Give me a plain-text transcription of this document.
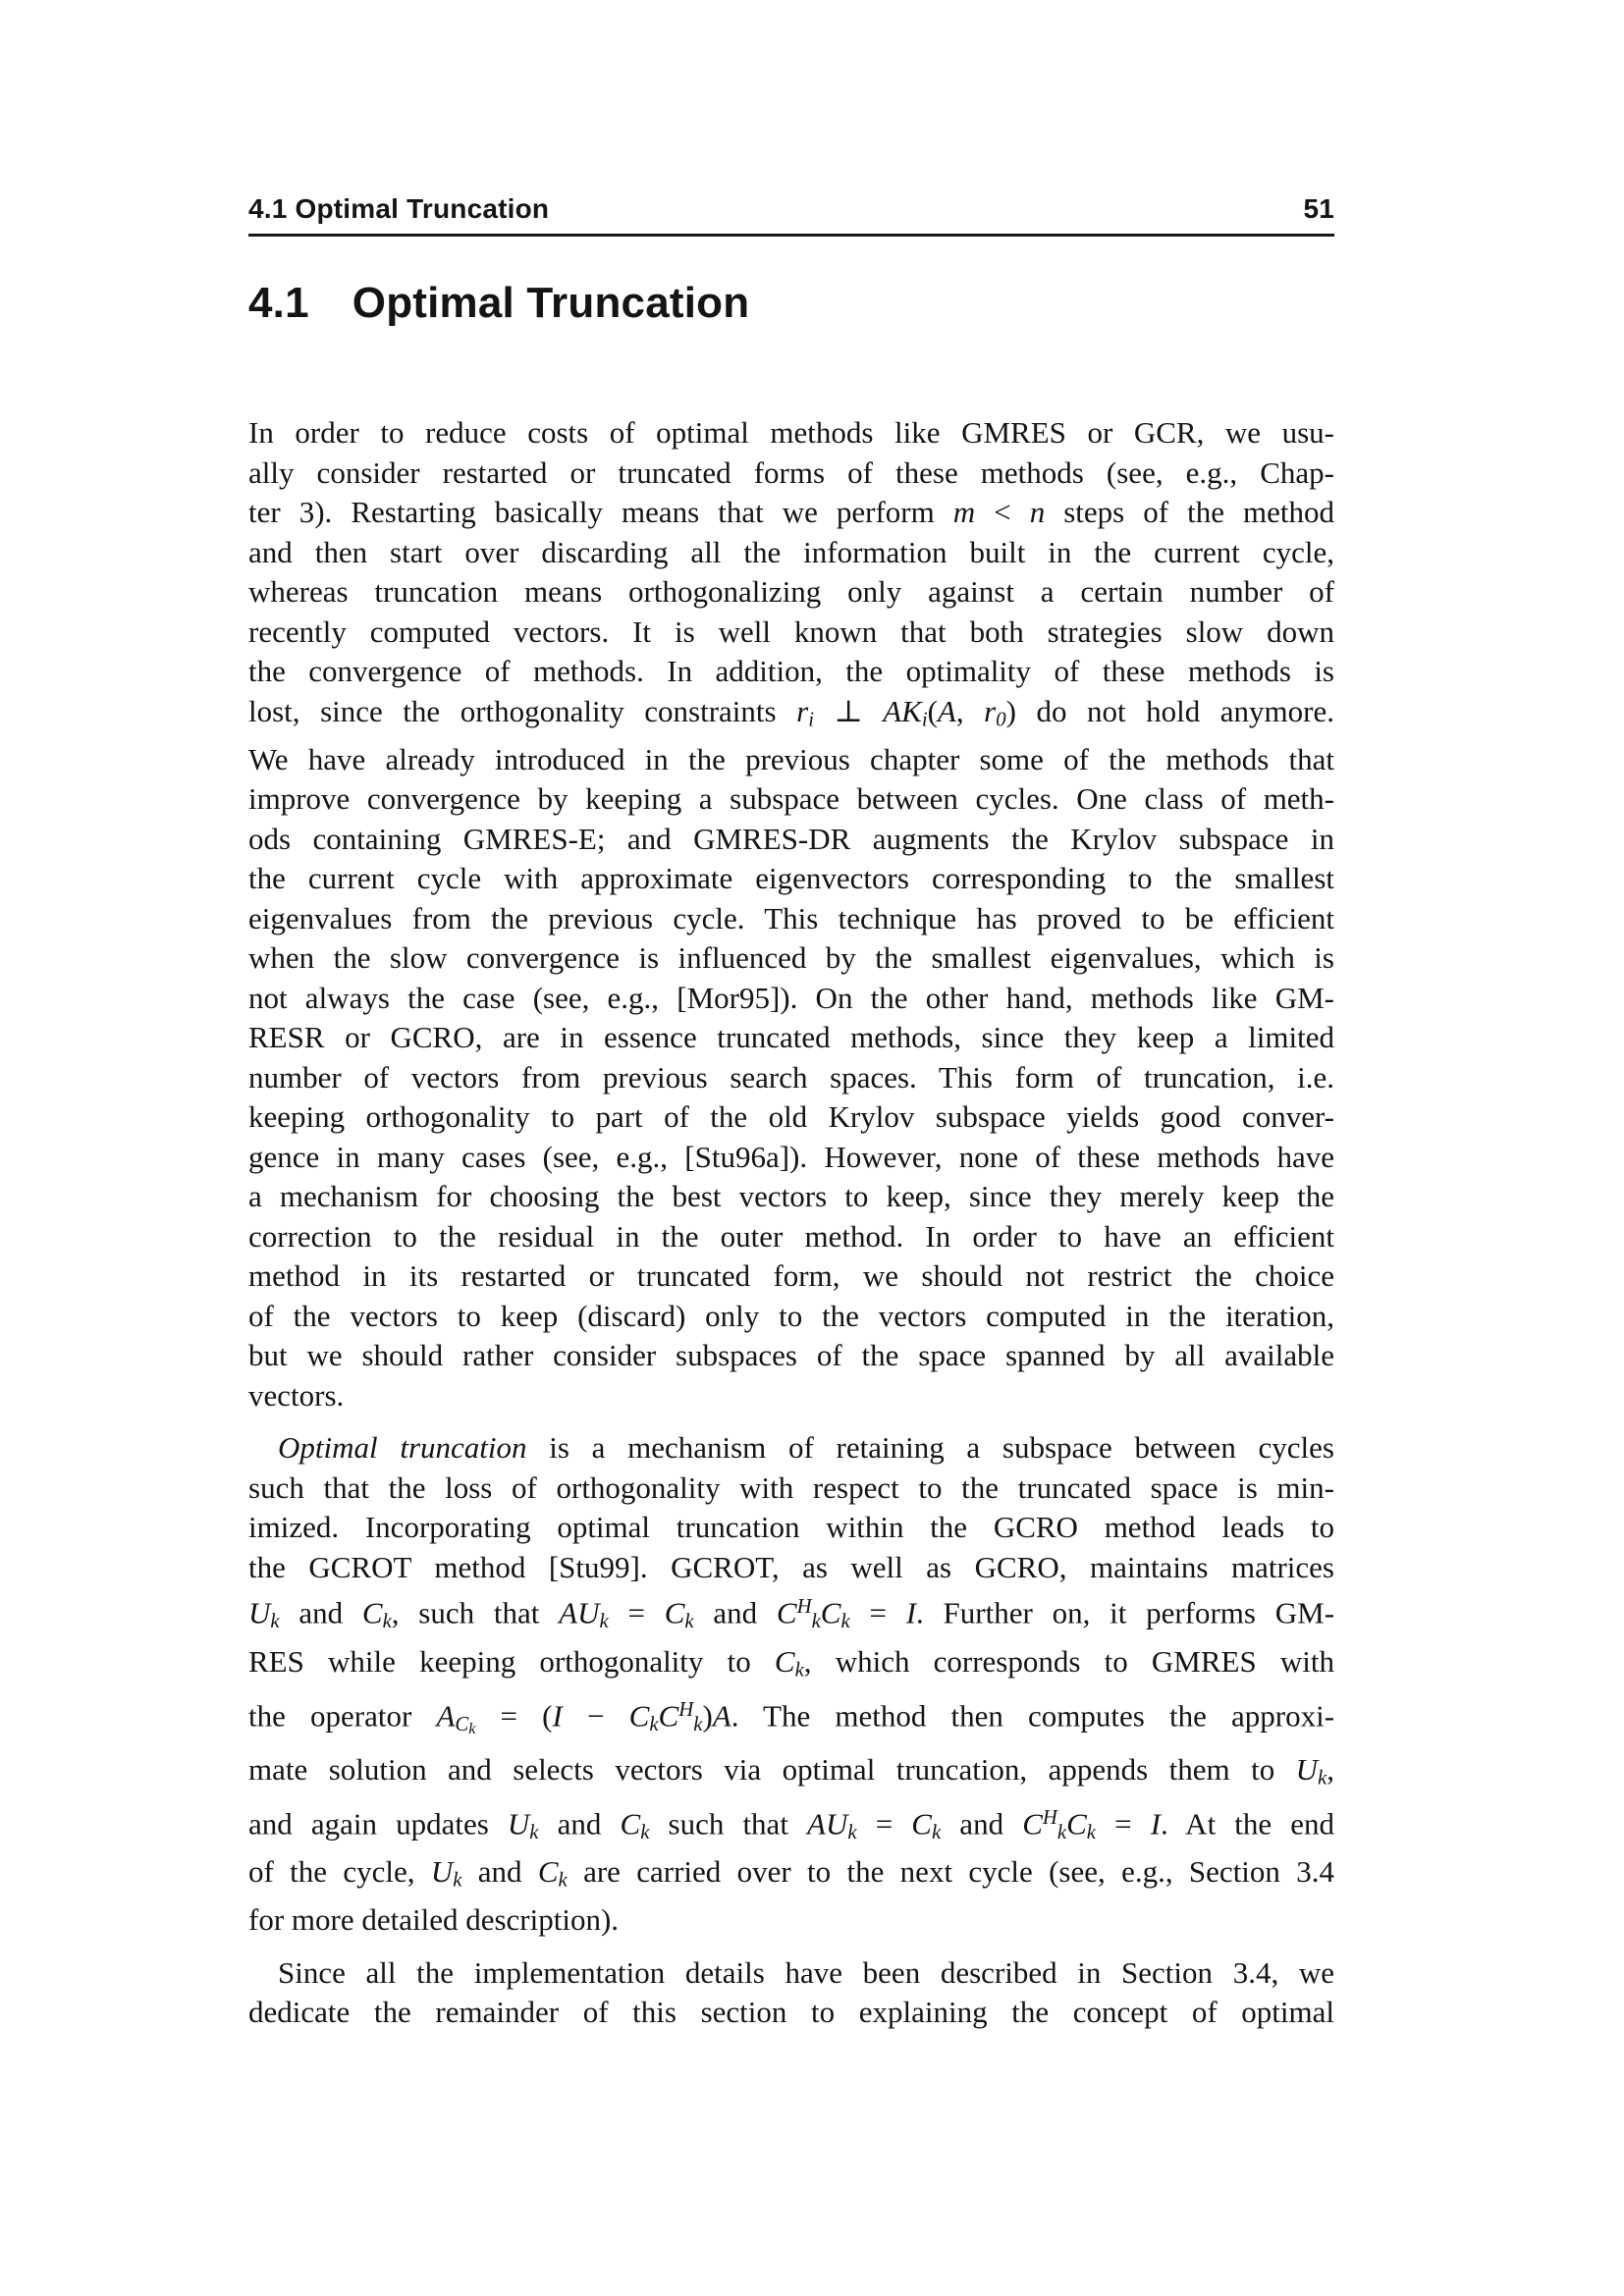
4.1 Optimal Truncation	51
4.1 Optimal Truncation
In order to reduce costs of optimal methods like GMRES or GCR, we usu-
ally consider restarted or truncated forms of these methods (see, e.g., Chap-
ter 3). Restarting basically means that we perform m < n steps of the method
and then start over discarding all the information built in the current cycle,
whereas truncation means orthogonalizing only against a certain number of
recently computed vectors. It is well known that both strategies slow down
the convergence of methods. In addition, the optimality of these methods is
lost, since the orthogonality constraints ri ⊥ AKi(A, r0) do not hold anymore.
We have already introduced in the previous chapter some of the methods that
improve convergence by keeping a subspace between cycles. One class of meth-
ods containing GMRES-E; and GMRES-DR augments the Krylov subspace in
the current cycle with approximate eigenvectors corresponding to the smallest
eigenvalues from the previous cycle. This technique has proved to be efficient
when the slow convergence is influenced by the smallest eigenvalues, which is
not always the case (see, e.g., [Mor95]). On the other hand, methods like GM-
RESR or GCRO, are in essence truncated methods, since they keep a limited
number of vectors from previous search spaces. This form of truncation, i.e.
keeping orthogonality to part of the old Krylov subspace yields good conver-
gence in many cases (see, e.g., [Stu96a]). However, none of these methods have
a mechanism for choosing the best vectors to keep, since they merely keep the
correction to the residual in the outer method. In order to have an efficient
method in its restarted or truncated form, we should not restrict the choice
of the vectors to keep (discard) only to the vectors computed in the iteration,
but we should rather consider subspaces of the space spanned by all available
vectors.
Optimal truncation is a mechanism of retaining a subspace between cycles
such that the loss of orthogonality with respect to the truncated space is min-
imized. Incorporating optimal truncation within the GCRO method leads to
the GCROT method [Stu99]. GCROT, as well as GCRO, maintains matrices
Uk and Ck, such that AUk = Ck and $C^HkCk = I$. Further on, it performs GM-
RES while keeping orthogonality to Ck, which corresponds to GMRES with
the operator $AC_k = (I - CkC^Hk)A$. The method then computes the approxi-
mate solution and selects vectors via optimal truncation, appends them to Uk,
and again updates Uk and Ck such that AUk = Ck and $C^HkCk = I$. At the end
of the cycle, Uk and Ck are carried over to the next cycle (see, e.g., Section 3.4
for more detailed description).
Since all the implementation details have been described in Section 3.4, we
dedicate the remainder of this section to explaining the concept of optimal
